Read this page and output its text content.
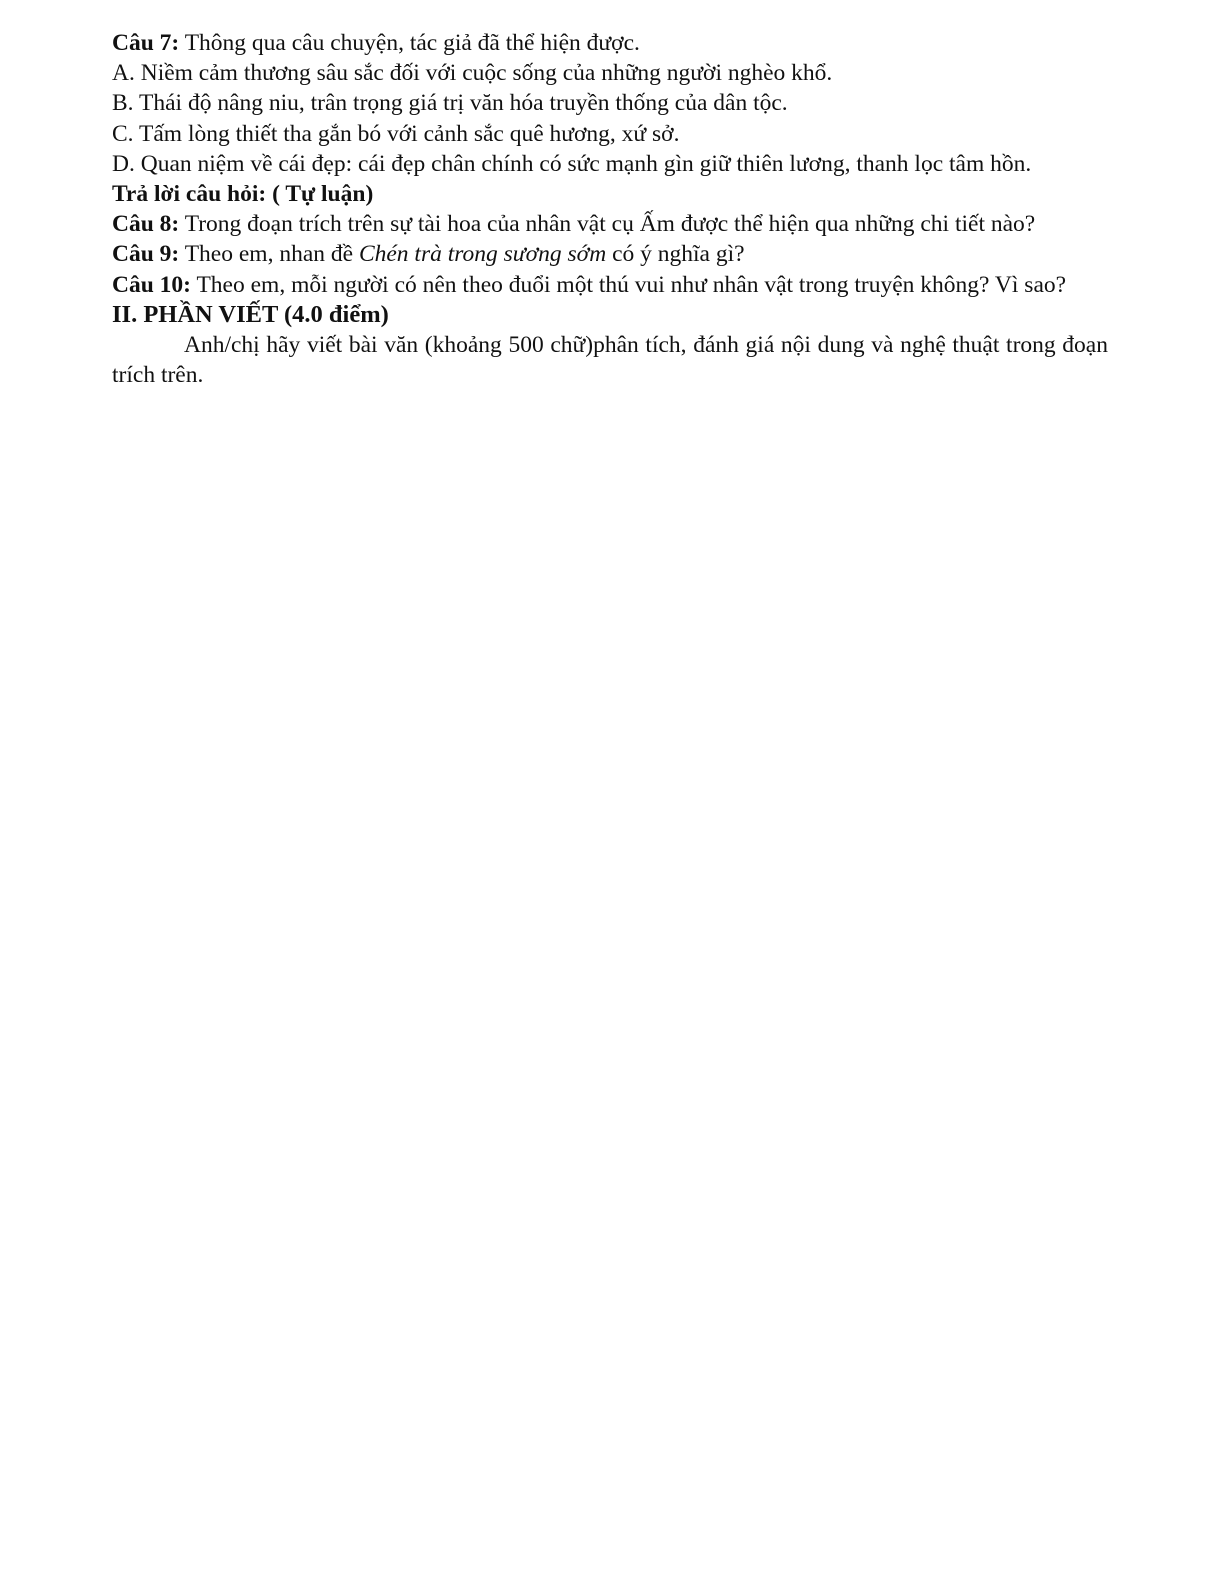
Câu 7: Thông qua câu chuyện, tác giả đã thể hiện được.

A. Niềm cảm thương sâu sắc đối với cuộc sống của những người nghèo khổ.

B. Thái độ nâng niu, trân trọng giá trị văn hóa truyền thống của dân tộc.

C. Tấm lòng thiết tha gắn bó với cảnh sắc quê hương, xứ sở.

D. Quan niệm về cái đẹp: cái đẹp chân chính có sức mạnh gìn giữ thiên lương, thanh lọc tâm hồn.

Trả lời câu hỏi: ( Tự luận)

Câu 8: Trong đoạn trích trên sự tài hoa của nhân vật cụ Ấm được thể hiện qua những chi tiết nào?

Câu 9: Theo em, nhan đề Chén trà trong sương sớm có ý nghĩa gì?

Câu 10: Theo em, mỗi người có nên theo đuổi một thú vui như nhân vật trong truyện không? Vì sao?

II. PHẦN VIẾT (4.0 điểm)

Anh/chị hãy viết bài văn (khoảng 500 chữ)phân tích, đánh giá nội dung và nghệ thuật trong đoạn trích trên.
